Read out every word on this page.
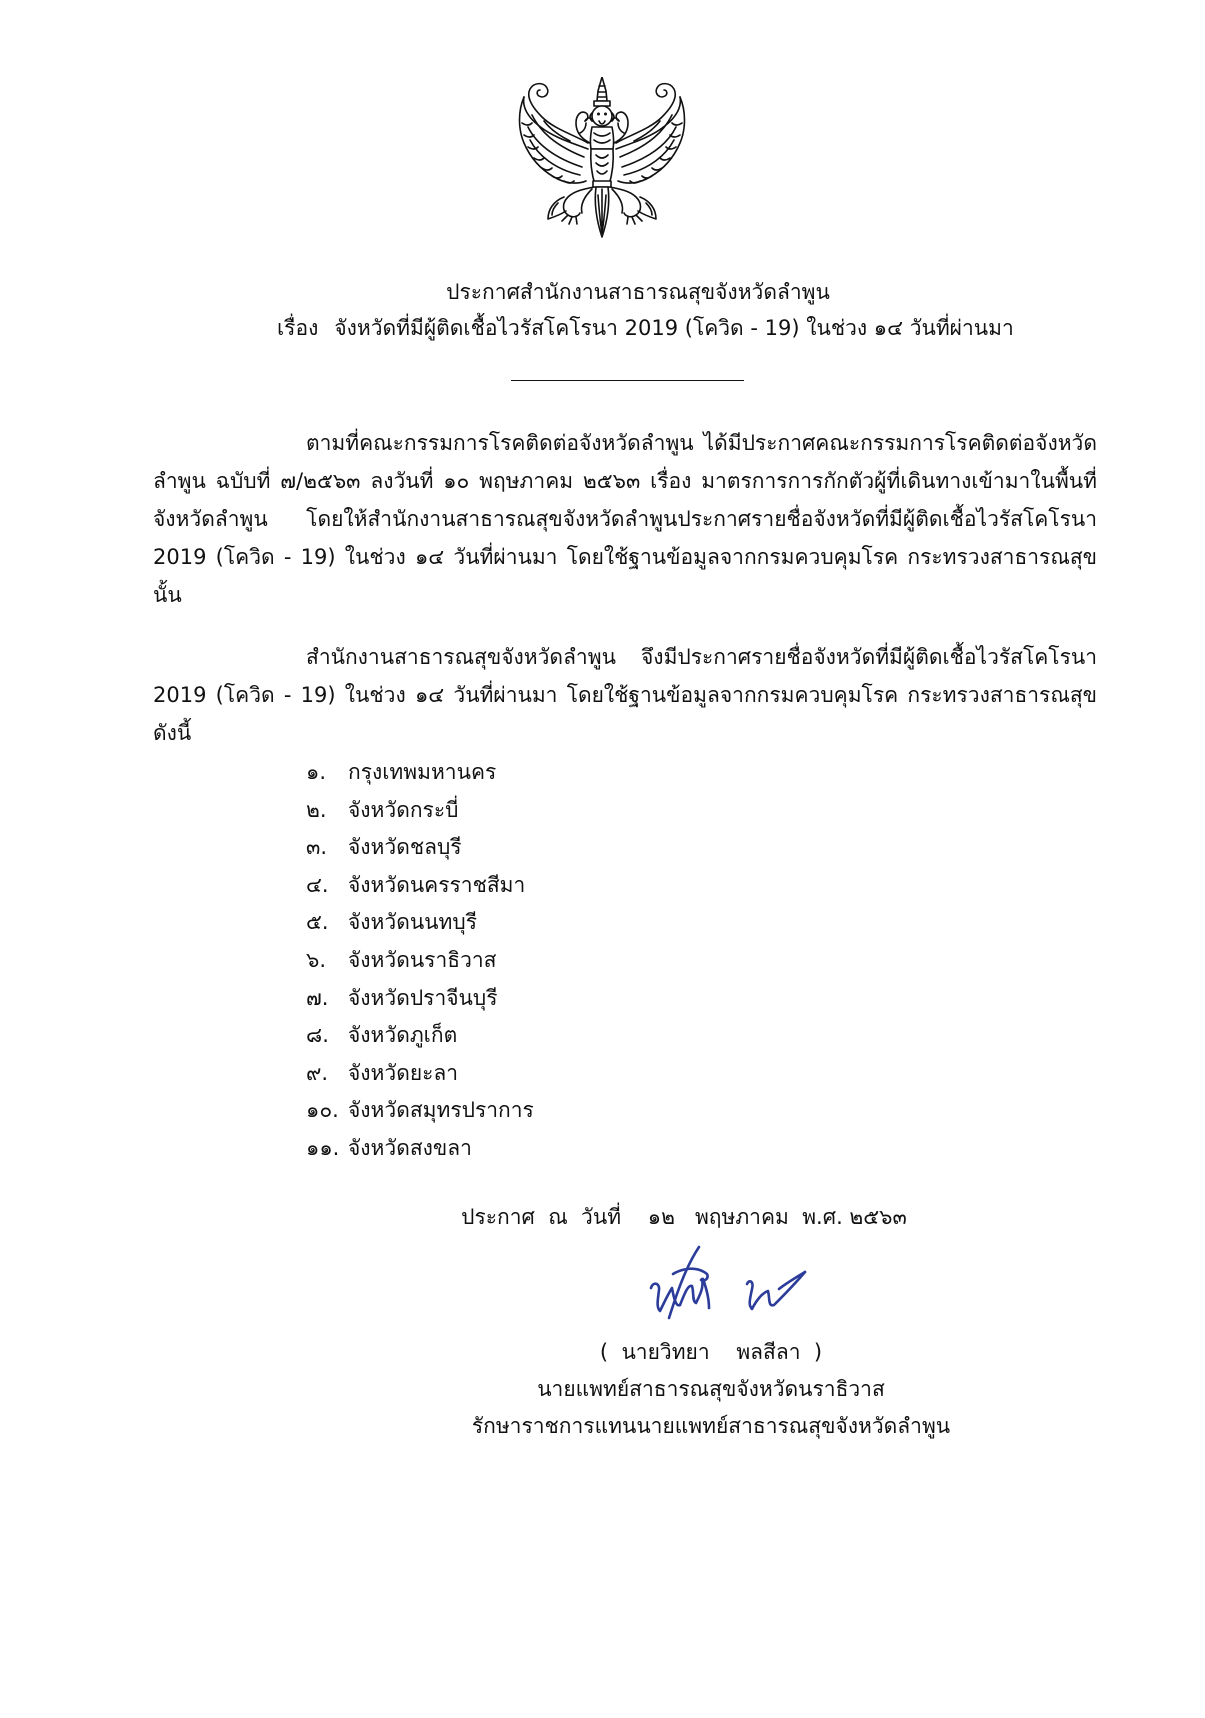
ประกาศสำนักงานสาธารณสุขจังหวัดลำพูน
เรื่อง จังหวัดที่มีผู้ติดเชื้อไวรัสโคโรนา 2019 (โควิด - 19) ในช่วง ๑๔ วันที่ผ่านมา

ตามที่คณะกรรมการโรคติดต่อจังหวัดลำพูน ได้มีประกาศคณะกรรมการโรคติดต่อจังหวัดลำพูน ฉบับที่ ๗/๒๕๖๓ ลงวันที่ ๑๐ พฤษภาคม ๒๕๖๓ เรื่อง มาตรการการกักตัวผู้ที่เดินทางเข้ามาในพื้นที่จังหวัดลำพูน โดยให้สำนักงานสาธารณสุขจังหวัดลำพูนประกาศรายชื่อจังหวัดที่มีผู้ติดเชื้อไวรัสโคโรนา 2019 (โควิด - 19) ในช่วง ๑๔ วันที่ผ่านมา โดยใช้ฐานข้อมูลจากกรมควบคุมโรค กระทรวงสาธารณสุข นั้น

สำนักงานสาธารณสุขจังหวัดลำพูน จึงมีประกาศรายชื่อจังหวัดที่มีผู้ติดเชื้อไวรัสโคโรนา 2019 (โควิด - 19) ในช่วง ๑๔ วันที่ผ่านมา โดยใช้ฐานข้อมูลจากกรมควบคุมโรค กระทรวงสาธารณสุข ดังนี้

๑.	กรุงเทพมหานคร
๒.	จังหวัดกระบี่
๓. จังหวัดชลบุรี
๔. จังหวัดนครราชสีมา
๕. จังหวัดนนทบุรี
๖.	จังหวัดนราธิวาส
๗. จังหวัดปราจีนบุรี
๘. จังหวัดภูเก็ต
๙. จังหวัดยะลา
๑๐. จังหวัดสมุทรปราการ
๑๑. จังหวัดสงขลา
ประกาศ  ณ  วันที่    ๑๒   พฤษภาคม  พ.ศ. ๒๕๖๓
(  นายวิทยา    พลสีลา  )
นายแพทย์สาธารณสุขจังหวัดนราธิวาส
รักษาราชการแทนนายแพทย์สาธารณสุขจังหวัดลำพูน
